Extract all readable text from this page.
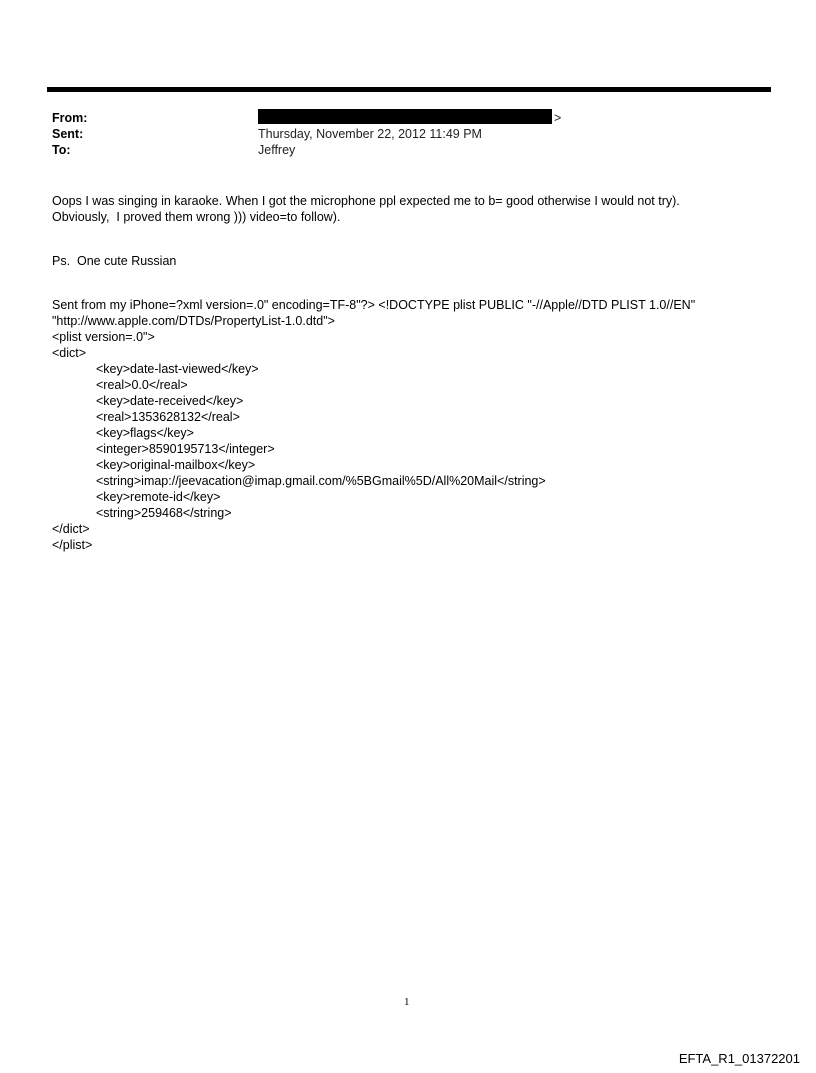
From:	>
Sent:	Thursday, November 22, 2012 11:49 PM
To:	Jeffrey
Oops I was singing in karaoke. When I got the microphone ppl expected me to b= good otherwise I would not try).
Obviously,  I proved them wrong ))) video=to follow).
Ps.  One cute Russian
Sent from my iPhone=?xml version=.0" encoding=TF-8"?> <!DOCTYPE plist PUBLIC "-//Apple//DTD PLIST 1.0//EN"
"http://www.apple.com/DTDs/PropertyList-1.0.dtd">
<plist version=.0">
<dict>
<key>date-last-viewed</key>
<real>0.0</real>
<key>date-received</key>
<real>1353628132</real>
<key>flags</key>
<integer>8590195713</integer>
<key>original-mailbox</key>
<string>imap://jeevacation@imap.gmail.com/%5BGmail%5D/All%20Mail</string>
<key>remote-id</key>
<string>259468</string>
</dict>
</plist>
1
EFTA_R1_01372201
